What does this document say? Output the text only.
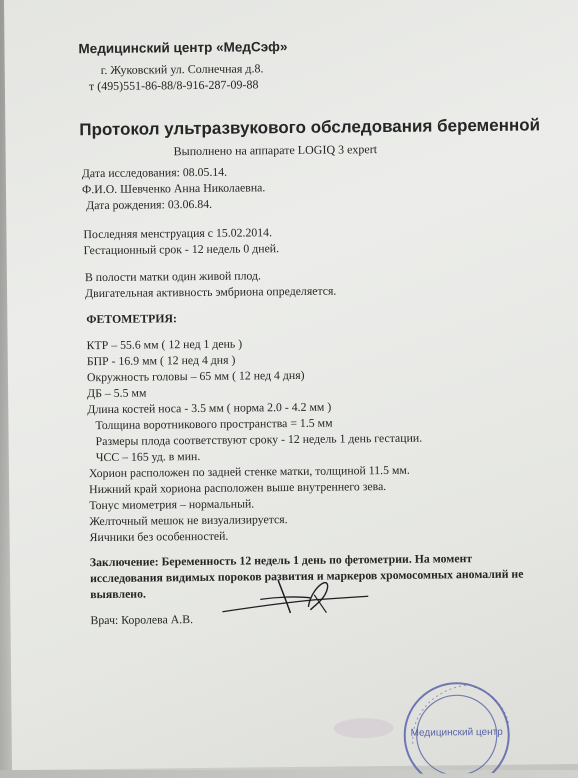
Медицинский центр «МедСэф»
г. Жуковский ул. Солнечная д.8.
т (495)551-86-88/8-916-287-09-88
Протокол ультразвукового обследования беременной
Выполнено на аппарате LOGIQ 3 expert
Дата исследования: 08.05.14.
Ф.И.О. Шевченко Анна Николаевна.
Дата рождения: 03.06.84.
Последняя менструация с 15.02.2014.
Гестационный срок - 12 недель 0 дней.
В полости матки один живой плод.
Двигательная активность эмбриона определяется.
ФЕТОМЕТРИЯ:
КТР – 55.6 мм ( 12 нед 1 день )
БПР - 16.9 мм ( 12 нед 4 дня )
Окружность головы – 65 мм ( 12 нед 4 дня)
ДБ – 5.5 мм
Длина костей носа - 3.5 мм ( норма 2.0 - 4.2 мм )
Толщина воротникового пространства = 1.5 мм
Размеры плода соответствуют сроку - 12 недель 1 день гестации.
ЧСС – 165 уд. в мин.
Хорион расположен по задней стенке матки, толщиной 11.5 мм.
Нижний край хориона расположен выше внутреннего зева.
Тонус миометрия – нормальный.
Желточный мешок не визуализируется.
Яичники без особенностей.
Заключение: Беременность 12 недель 1 день по фетометрии. На момент
исследования видимых пороков развития и маркеров хромосомных аномалий не
выявлено.
Врач: Королева А.В.
Медицинский центр
